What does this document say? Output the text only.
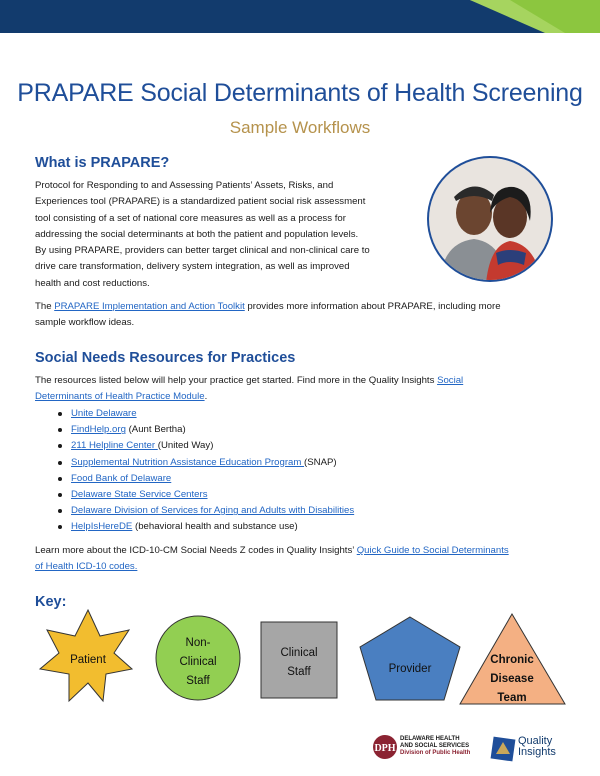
PRAPARE Social Determinants of Health Screening
Sample Workflows
What is PRAPARE?
Protocol for Responding to and Assessing Patients’ Assets, Risks, and
Experiences tool (PRAPARE) is a standardized patient social risk assessment
tool consisting of a set of national core measures as well as a process for
addressing the social determinants at both the patient and population levels.
By using PRAPARE, providers can better target clinical and non-clinical care to
drive care transformation, delivery system integration, as well as improved
health and cost reductions.
The PRAPARE Implementation and Action Toolkit provides more information about PRAPARE, including more
sample workflow ideas.
Social Needs Resources for Practices
The resources listed below will help your practice get started. Find more in the Quality Insights Social
Determinants of Health Practice Module.
Unite Delaware
FindHelp.org (Aunt Bertha)
211 Helpline Center (United Way)
Supplemental Nutrition Assistance Education Program (SNAP)
Food Bank of Delaware
Delaware State Service Centers
Delaware Division of Services for Aging and Adults with Disabilities
HelpIsHereDE (behavioral health and substance use)
Learn more about the ICD-10-CM Social Needs Z codes in Quality Insights’ Quick Guide to Social Determinants
of Health ICD-10 codes.
Key:
Patient
Non-
Clinical
Staff
Clinical
Staff	Provider
Chronic
Disease
Team
DPH
DELAWARE HEALTH
AND SOCIAL SERVICES
Division of Public Health
Quality
Insights
